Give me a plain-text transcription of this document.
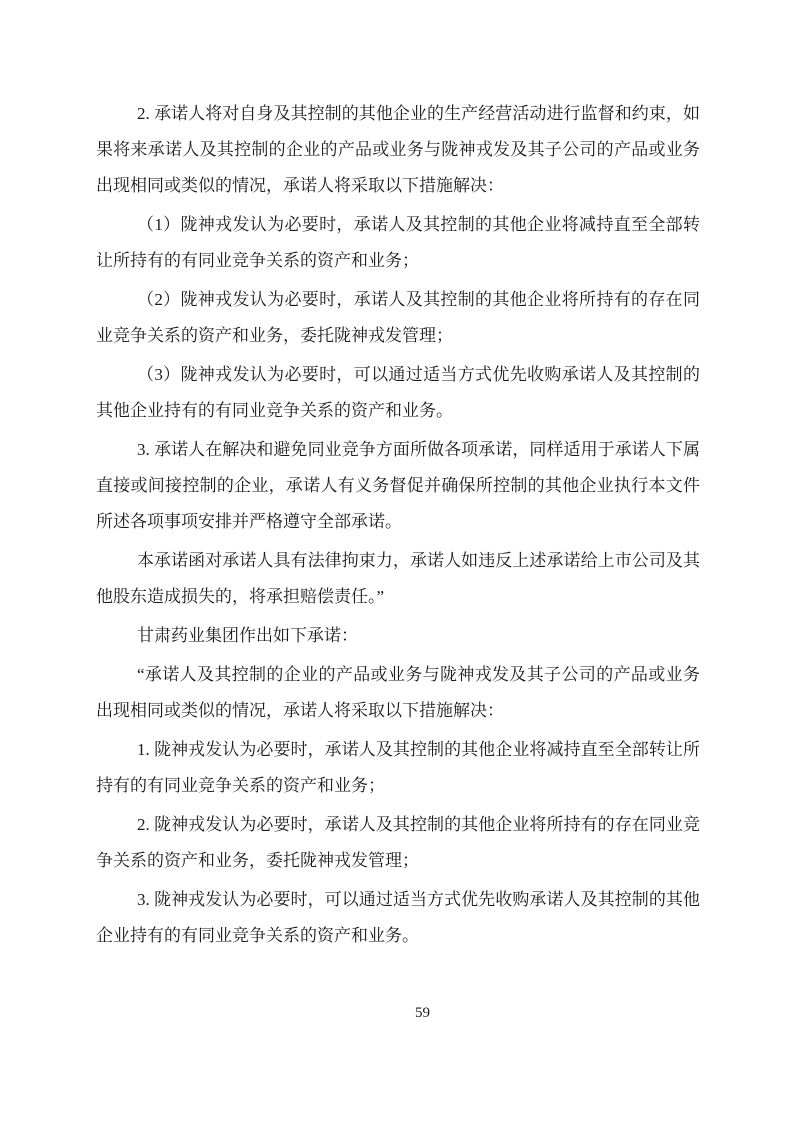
2. 承诺人将对自身及其控制的其他企业的生产经营活动进行监督和约束，如果将来承诺人及其控制的企业的产品或业务与陇神戎发及其子公司的产品或业务出现相同或类似的情况，承诺人将采取以下措施解决：

（1）陇神戎发认为必要时，承诺人及其控制的其他企业将减持直至全部转让所持有的有同业竞争关系的资产和业务；

（2）陇神戎发认为必要时，承诺人及其控制的其他企业将所持有的存在同业竞争关系的资产和业务，委托陇神戎发管理；

（3）陇神戎发认为必要时，可以通过适当方式优先收购承诺人及其控制的其他企业持有的有同业竞争关系的资产和业务。

3. 承诺人在解决和避免同业竞争方面所做各项承诺，同样适用于承诺人下属直接或间接控制的企业，承诺人有义务督促并确保所控制的其他企业执行本文件所述各项事项安排并严格遵守全部承诺。

本承诺函对承诺人具有法律拘束力，承诺人如违反上述承诺给上市公司及其他股东造成损失的，将承担赔偿责任。”

甘肃药业集团作出如下承诺：

“承诺人及其控制的企业的产品或业务与陇神戎发及其子公司的产品或业务出现相同或类似的情况，承诺人将采取以下措施解决：

1. 陇神戎发认为必要时，承诺人及其控制的其他企业将减持直至全部转让所持有的有同业竞争关系的资产和业务；

2. 陇神戎发认为必要时，承诺人及其控制的其他企业将所持有的存在同业竞争关系的资产和业务，委托陇神戎发管理；

3. 陇神戎发认为必要时，可以通过适当方式优先收购承诺人及其控制的其他企业持有的有同业竞争关系的资产和业务。

59
